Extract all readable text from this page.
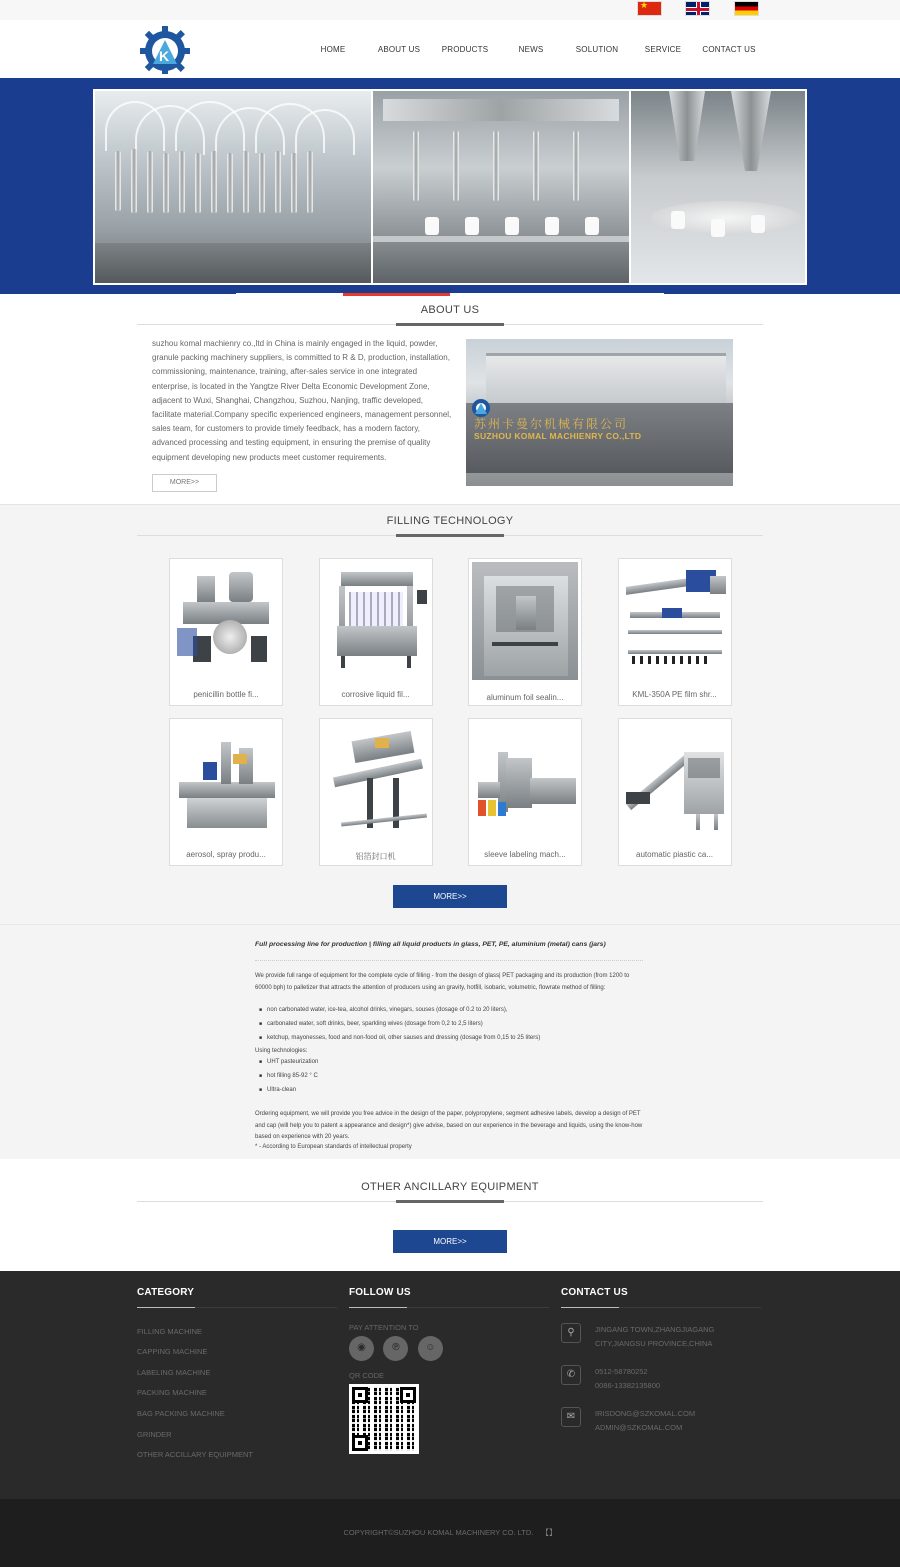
★
K	HOME	ABOUT US	PRODUCTS	NEWS	SOLUTION	SERVICE	CONTACT US
ABOUT US
suzhou komal machienry co.,ltd in China is mainly engaged in the liquid, powder, granule packing machinery suppliers, is committed to R & D, production, installation, commissioning, maintenance, training, after-sales service in one integrated enterprise, is located in the Yangtze River Delta Economic Development Zone, adjacent to Wuxi, Shanghai, Changzhou, Suzhou, Nanjing, traffic developed, facilitate material.Company specific experienced engineers, management personnel, sales team, for customers to provide timely feedback, has a modern factory, advanced processing and testing equipment, in ensuring the premise of quality equipment developing new products meet customer requirements.
MORE>>
苏州卡曼尔机械有限公司
SUZHOU KOMAL MACHIENRY CO.,LTD
FILLING TECHNOLOGY
penicillin bottle fi...	corrosive liquid fil...	aluminum foil sealin...	KML-350A PE film shr...
aerosol, spray produ...	铝箔封口机	sleeve labeling mach...	automatic piastic ca...
MORE>>
Full processing line for production | filling all liquid products in glass, PET, PE, aluminium (metal) cans (jars)
We provide full range of equipment for the complete cycle of filling - from the design of glass| PET packaging and its production (from 1200 to 60000 bph) to palletizer that attracts the attention of producers using an gravity, hotfill, isobaric, volumetric, flowrate method of filling:
■ non carbonated water, ice-tea, alcohol drinks, vinegars, souses (dosage of 0.2 to 20 liters),
■ carbonated water, soft drinks, beer, sparkling wives (dosage from 0,2 to 2,5 liters)
■ ketchup, mayonesses, food and non-food oil, other sauses and dressing (dosage from 0,15 to 25 liters)
Using technologies:
■ UHT pasteurization
■ hot filling 85-92 ° C
■ Ultra-clean
Ordering equipment, we will provide you free advice in the design of the paper, polypropylene, segment adhesive labels, develop a design of PET and cap (will help you to patent a appearance and design*) give advise, based on our experience in the beverage and liquids, using the know-how based on experience with 20 years.
* - According to European standards of intellectual property
OTHER ANCILLARY EQUIPMENT
MORE>>
CATEGORY
FILLING MACHINE
CAPPING MACHINE
LABELING MACHINE
PACKING MACHINE
BAG PACKING MACHINE
GRINDER
OTHER ACCILLARY EQUIPMENT
FOLLOW US
PAY ATTENTION TO
◉
	℗
	☺
QR CODE
CONTACT US
⚲	JINGANG TOWN,ZHANGJIAGANG
CITY,JIANGSU PROVINCE,CHINA
✆	0512-58780252
0086-13382135800
✉	IRISDONG@SZKOMAL.COM
ADMIN@SZKOMAL.COM
COPYRIGHT©SUZHOU KOMAL MACHINERY CO. LTD. 【】
